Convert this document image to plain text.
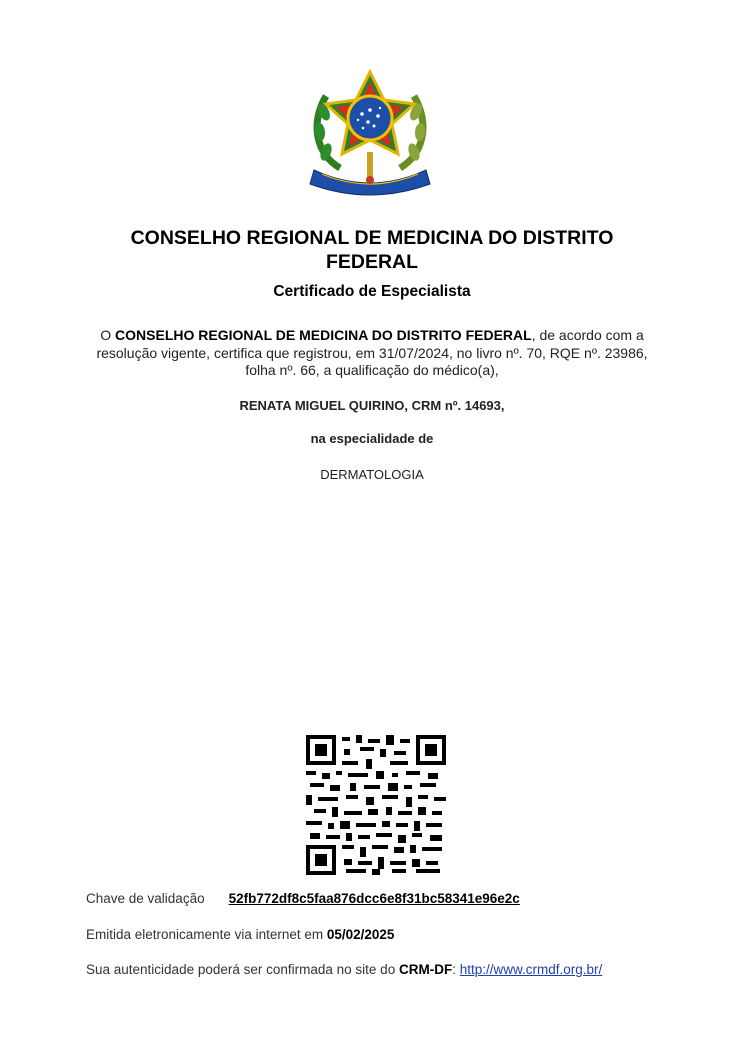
CONSELHO REGIONAL DE MEDICINA DO DISTRITO FEDERAL
Certificado de Especialista
O CONSELHO REGIONAL DE MEDICINA DO DISTRITO FEDERAL, de acordo com a resolução vigente, certifica que registrou, em 31/07/2024, no livro nº. 70, RQE nº. 23986, folha nº. 66, a qualificação do médico(a),
RENATA MIGUEL QUIRINO, CRM nº. 14693,
na especialidade de
DERMATOLOGIA
Chave de validação 52fb772df8c5faa876dcc6e8f31bc58341e96e2c
Emitida eletronicamente via internet em 05/02/2025
Sua autenticidade poderá ser confirmada no site do CRM-DF: http://www.crmdf.org.br/
